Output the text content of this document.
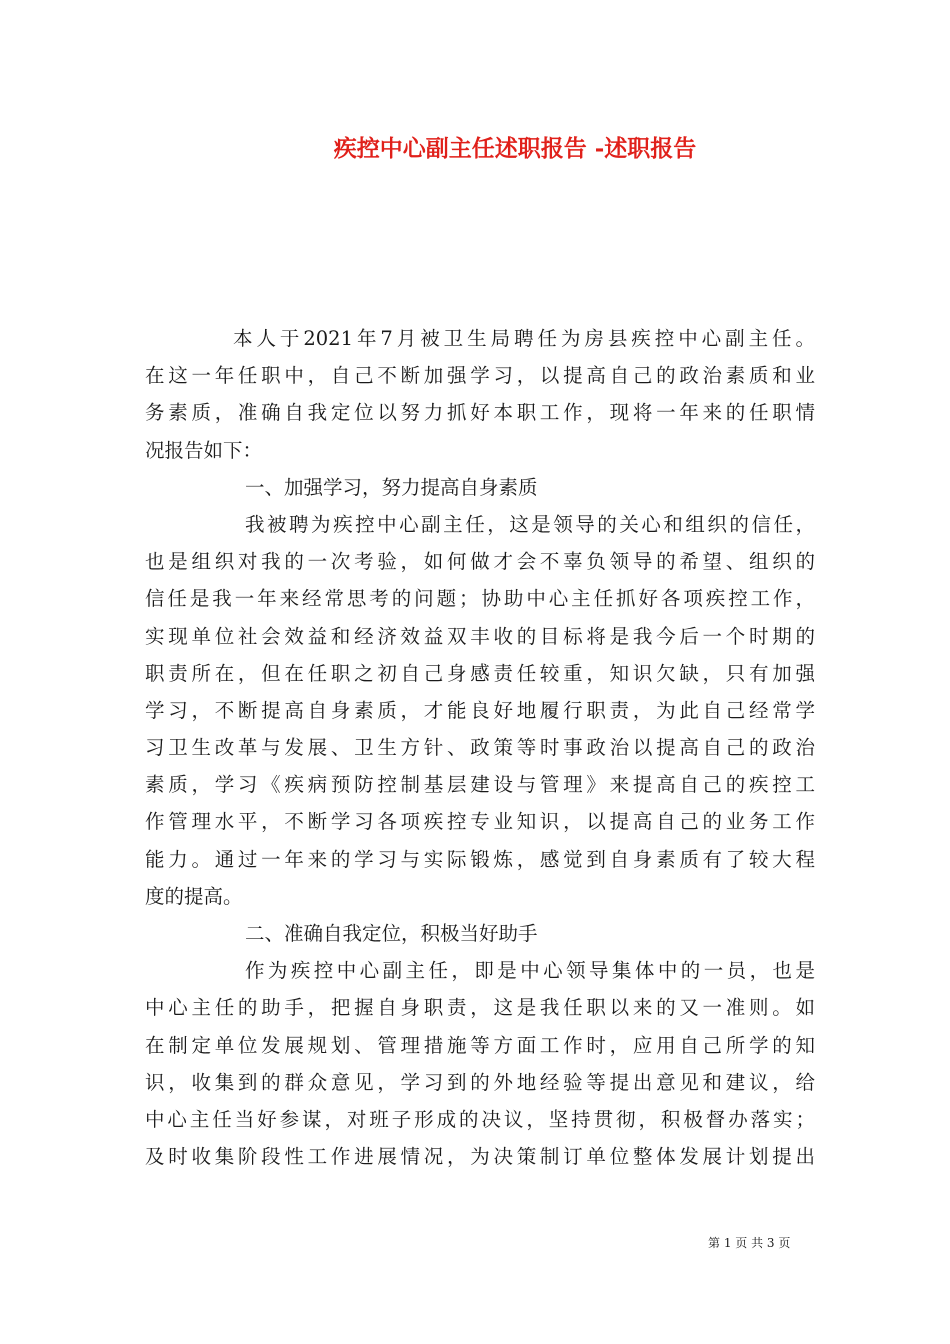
疾控中心副主任述职报告 -述职报告
本人于2021年7月被卫生局聘任为房县疾控中心副主任。
在这一年任职中，自己不断加强学习，以提高自己的政治素质和业
务素质，准确自我定位以努力抓好本职工作，现将一年来的任职情
况报告如下：
一、加强学习，努力提高自身素质
我被聘为疾控中心副主任，这是领导的关心和组织的信任，
也是组织对我的一次考验，如何做才会不辜负领导的希望、组织的
信任是我一年来经常思考的问题；协助中心主任抓好各项疾控工作，
实现单位社会效益和经济效益双丰收的目标将是我今后一个时期的
职责所在，但在任职之初自己身感责任较重，知识欠缺，只有加强
学习，不断提高自身素质，才能良好地履行职责，为此自己经常学
习卫生改革与发展、卫生方针、政策等时事政治以提高自己的政治
素质，学习《疾病预防控制基层建设与管理》来提高自己的疾控工
作管理水平，不断学习各项疾控专业知识，以提高自己的业务工作
能力。通过一年来的学习与实际锻炼，感觉到自身素质有了较大程
度的提高。
二、准确自我定位，积极当好助手
作为疾控中心副主任，即是中心领导集体中的一员，也是
中心主任的助手，把握自身职责，这是我任职以来的又一准则。如
在制定单位发展规划、管理措施等方面工作时，应用自己所学的知
识，收集到的群众意见，学习到的外地经验等提出意见和建议，给
中心主任当好参谋，对班子形成的决议，坚持贯彻，积极督办落实；
及时收集阶段性工作进展情况，为决策制订单位整体发展计划提出
第 1 页 共 3 页
